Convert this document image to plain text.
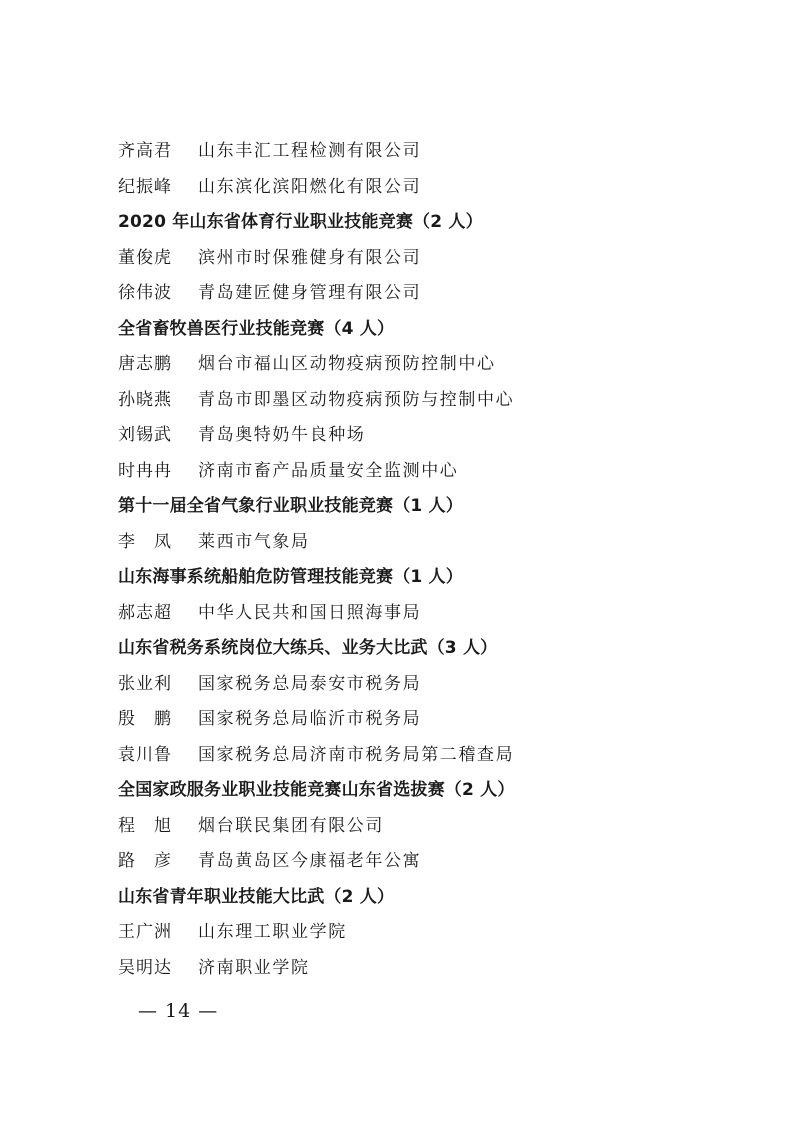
齐高君 山东丰汇工程检测有限公司
纪振峰 山东滨化滨阳燃化有限公司
2020 年山东省体育行业职业技能竞赛（2 人）
董俊虎 滨州市时保雅健身有限公司
徐伟波 青岛建匠健身管理有限公司
全省畜牧兽医行业技能竞赛（4 人）
唐志鹏 烟台市福山区动物疫病预防控制中心
孙晓燕 青岛市即墨区动物疫病预防与控制中心
刘锡武 青岛奥特奶牛良种场
时冉冉 济南市畜产品质量安全监测中心
第十一届全省气象行业职业技能竞赛（1 人）
李　凤 莱西市气象局
山东海事系统船舶危防管理技能竞赛（1 人）
郝志超 中华人民共和国日照海事局
山东省税务系统岗位大练兵、业务大比武（3 人）
张业利 国家税务总局泰安市税务局
殷　鹏 国家税务总局临沂市税务局
袁川鲁 国家税务总局济南市税务局第二稽查局
全国家政服务业职业技能竞赛山东省选拔赛（2 人）
程　旭 烟台联民集团有限公司
路　彦 青岛黄岛区今康福老年公寓
山东省青年职业技能大比武（2 人）
王广洲 山东理工职业学院
吴明达 济南职业学院
— 14 —
